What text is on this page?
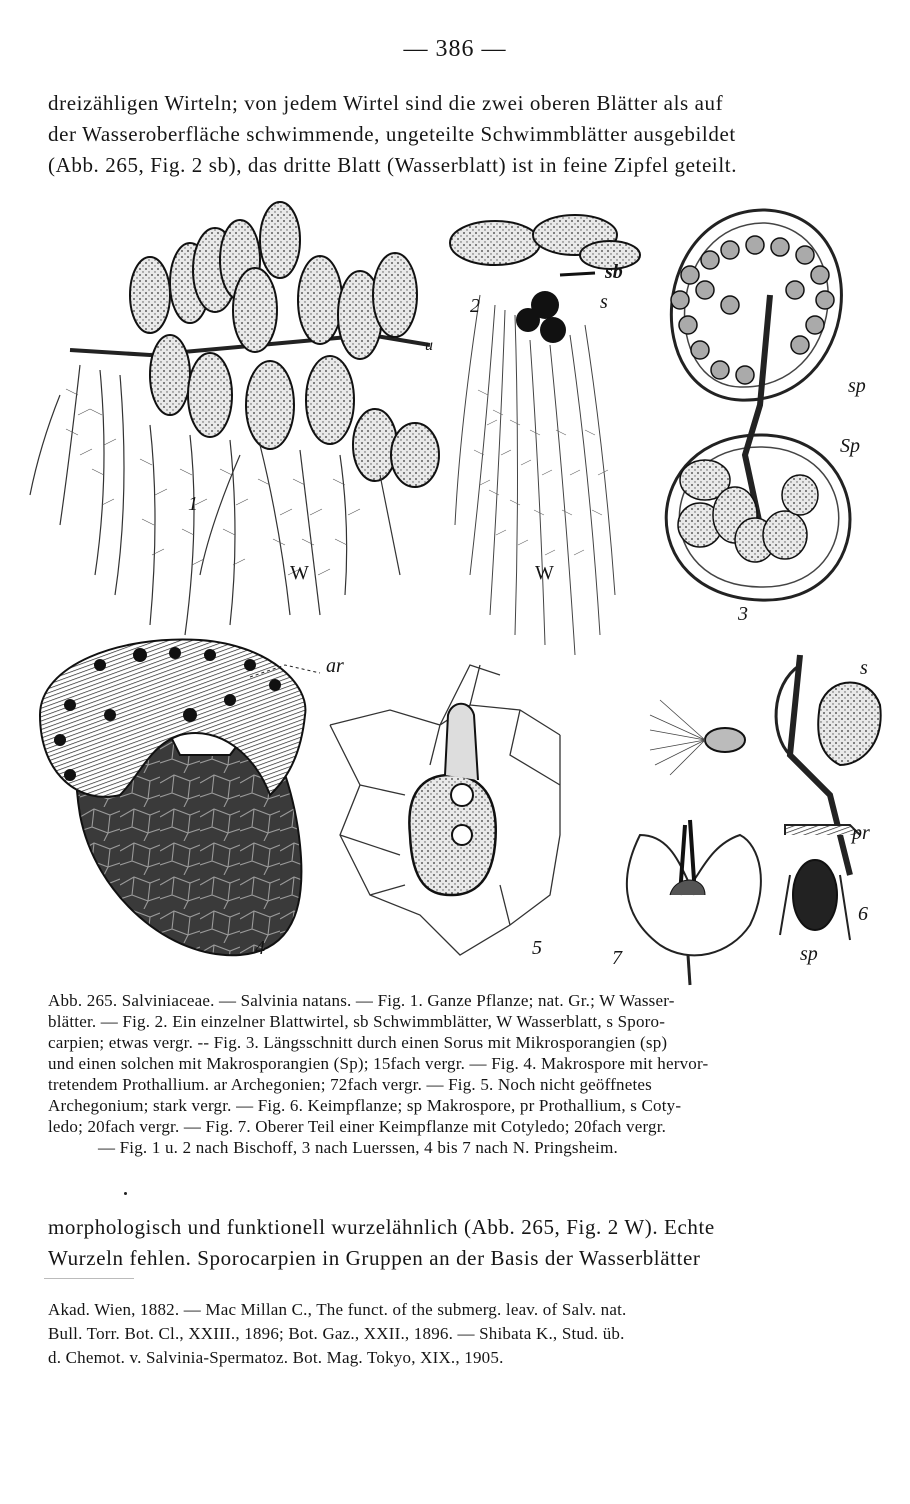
— 386 —
dreizähligen Wirteln; von jedem Wirtel sind die zwei oberen Blätter als auf
der Wasseroberfläche schwimmende, ungeteilte Schwimmblätter ausgebildet
(Abb. 265, Fig. 2 sb), das dritte Blatt (Wasserblatt) ist in feine Zipfel geteilt.
1
W
u
2
sb
s
W
3
sp
Sp
4
ar
5
6
s
pr
sp
7
Abb. 265. Salviniaceae. — Salvinia natans. — Fig. 1. Ganze Pflanze; nat. Gr.; W Wasser-
blätter. — Fig. 2. Ein einzelner Blattwirtel, sb Schwimmblätter, W Wasserblatt, s Sporo-
carpien; etwas vergr. -- Fig. 3. Längsschnitt durch einen Sorus mit Mikrosporangien (sp)
und einen solchen mit Makrosporangien (Sp); 15fach vergr. — Fig. 4. Makrospore mit hervor-
tretendem Prothallium. ar Archegonien; 72fach vergr. — Fig. 5. Noch nicht geöffnetes
Archegonium; stark vergr. — Fig. 6. Keimpflanze; sp Makrospore, pr Prothallium, s Coty-
ledo; 20fach vergr. — Fig. 7. Oberer Teil einer Keimpflanze mit Cotyledo; 20fach vergr.
— Fig. 1 u. 2 nach Bischoff, 3 nach Luerssen, 4 bis 7 nach N. Pringsheim.
morphologisch und funktionell wurzelähnlich (Abb. 265, Fig. 2 W). Echte
Wurzeln fehlen. Sporocarpien in Gruppen an der Basis der Wasserblätter
Akad. Wien, 1882. — Mac Millan C., The funct. of the submerg. leav. of Salv. nat.
Bull. Torr. Bot. Cl., XXIII., 1896; Bot. Gaz., XXII., 1896. — Shibata K., Stud. üb.
d. Chemot. v. Salvinia-Spermatoz. Bot. Mag. Tokyo, XIX., 1905.
